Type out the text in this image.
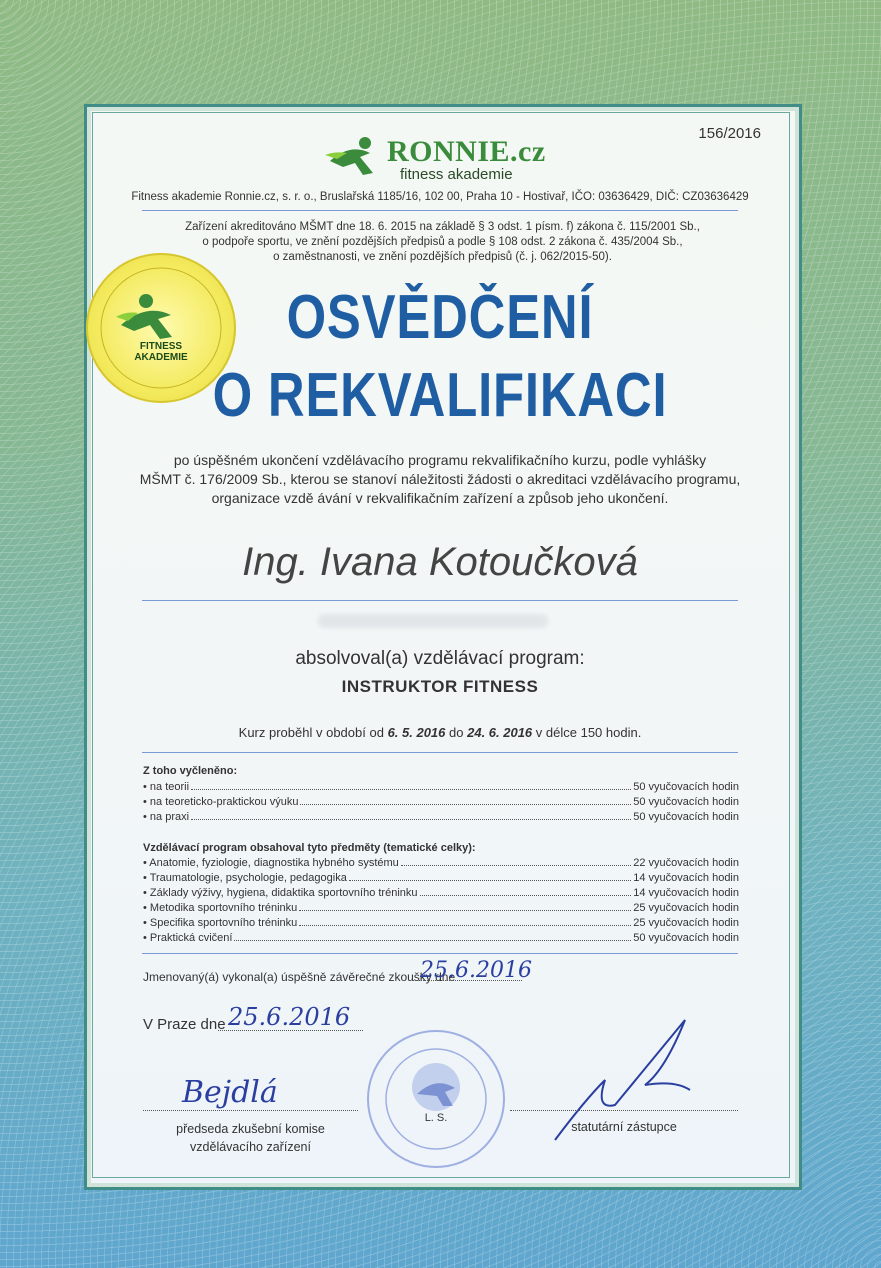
156/2016
RONNIE.cz
fitness akademie
Fitness akademie Ronnie.cz, s. r. o., Bruslařská 1185/16, 102 00, Praha 10 - Hostivař, IČO: 03636429, DIČ: CZ03636429
Zařízení akreditováno MŠMT dne 18. 6. 2015 na základě § 3 odst. 1 písm. f) zákona č. 115/2001 Sb.,
o podpoře sportu, ve znění pozdějších předpisů a podle § 108 odst. 2 zákona č. 435/2004 Sb.,
o zaměstnanosti, ve znění pozdějších předpisů (č. j. 062/2015-50).
FITNESS
AKADEMIE
OSVĚDČENÍ
O REKVALIFIKACI
po úspěšném ukončení vzdělávacího programu rekvalifikačního kurzu, podle vyhlášky
MŠMT č. 176/2009 Sb., kterou se stanoví náležitosti žádosti o akreditaci vzdělávacího programu,
organizace vzdě ávání v rekvalifikačním zařízení a způsob jeho ukončení.
Ing. Ivana Kotoučková
absolvoval(a) vzdělávací program:
INSTRUKTOR FITNESS
Kurz proběhl v období od 6. 5. 2016 do 24. 6. 2016 v délce 150 hodin.
Z toho vyčleněno:
• na teorii	50 vyučovacích hodin
• na teoreticko-praktickou výuku	50 vyučovacích hodin
• na praxi	50 vyučovacích hodin
Vzdělávací program obsahoval tyto předměty (tematické celky):
• Anatomie, fyziologie, diagnostika hybného systému	22 vyučovacích hodin
• Traumatologie, psychologie, pedagogika	14 vyučovacích hodin
• Základy výživy, hygiena, didaktika sportovního tréninku	14 vyučovacích hodin
• Metodika sportovního tréninku	25 vyučovacích hodin
• Specifika sportovního tréninku	25 vyučovacích hodin
• Praktická cvičení	50 vyučovacích hodin
Jmenovaný(á) vykonal(a) úspěšně závěrečné zkoušky dne
25.6.2016
V Praze dne 25.6.2016
Bejdlá
předseda zkušební komise
vzdělávacího zařízení
L. S.
statutární zástupce
